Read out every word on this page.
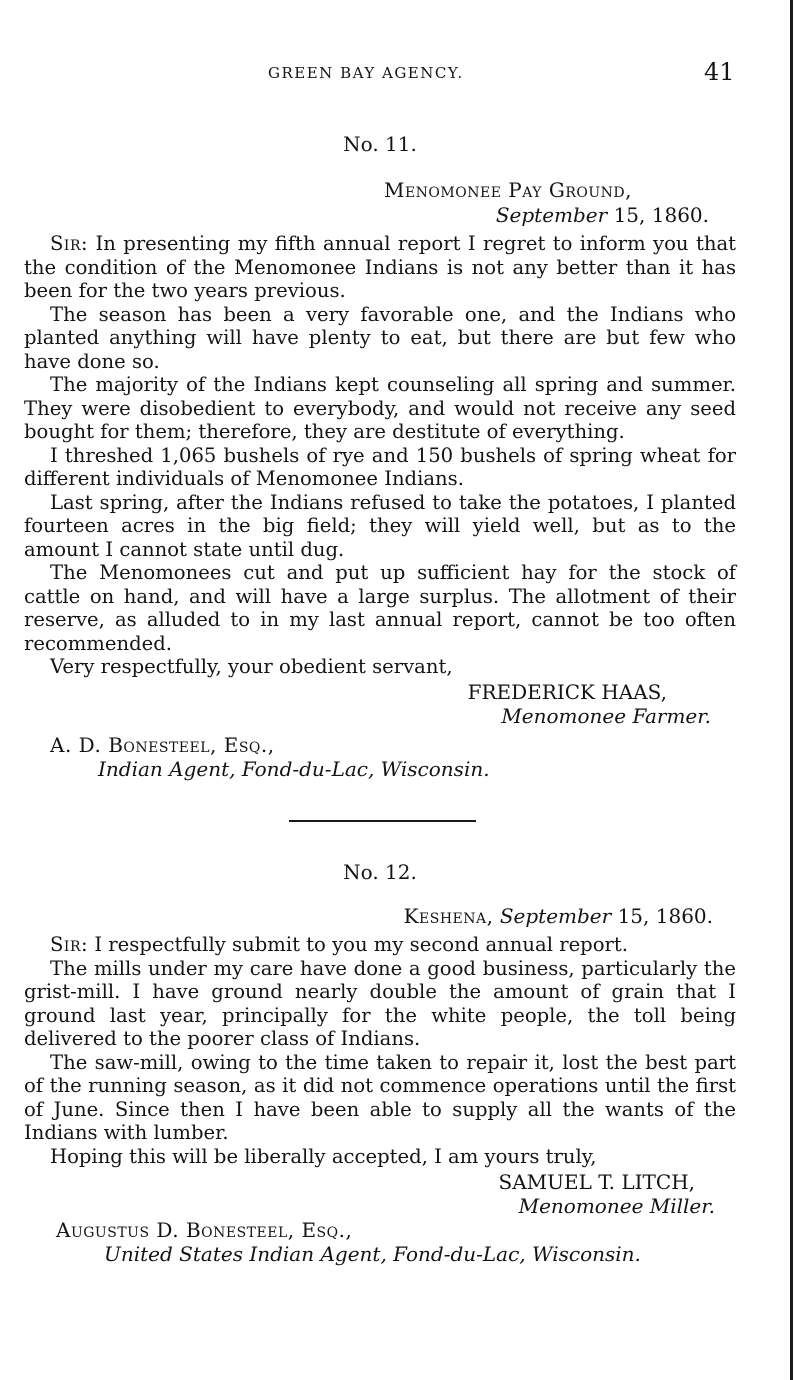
GREEN BAY AGENCY.	41
No. 11.
Menomonee Pay Ground,
September 15, 1860.

Sir: In presenting my fifth annual report I regret to inform you that the condition of the Menomonee Indians is not any better than it has been for the two years previous.

The season has been a very favorable one, and the Indians who planted anything will have plenty to eat, but there are but few who have done so.

The majority of the Indians kept counseling all spring and summer. They were disobedient to everybody, and would not receive any seed bought for them; therefore, they are destitute of everything.

I threshed 1,065 bushels of rye and 150 bushels of spring wheat for different individuals of Menomonee Indians.

Last spring, after the Indians refused to take the potatoes, I planted fourteen acres in the big field; they will yield well, but as to the amount I cannot state until dug.

The Menomonees cut and put up sufficient hay for the stock of cattle on hand, and will have a large surplus. The allotment of their reserve, as alluded to in my last annual report, cannot be too often recommended.

Very respectfully, your obedient servant,

FREDERICK HAAS,
Menomonee Farmer.
A. D. Bonesteel, Esq.,
Indian Agent, Fond-du-Lac, Wisconsin.
No. 12.
Keshena, September 15, 1860.

Sir: I respectfully submit to you my second annual report.

The mills under my care have done a good business, particularly the grist-mill. I have ground nearly double the amount of grain that I ground last year, principally for the white people, the toll being delivered to the poorer class of Indians.

The saw-mill, owing to the time taken to repair it, lost the best part of the running season, as it did not commence operations until the first of June. Since then I have been able to supply all the wants of the Indians with lumber.

Hoping this will be liberally accepted, I am yours truly,

SAMUEL T. LITCH,
Menomonee Miller.
Augustus D. Bonesteel, Esq.,
United States Indian Agent, Fond-du-Lac, Wisconsin.
